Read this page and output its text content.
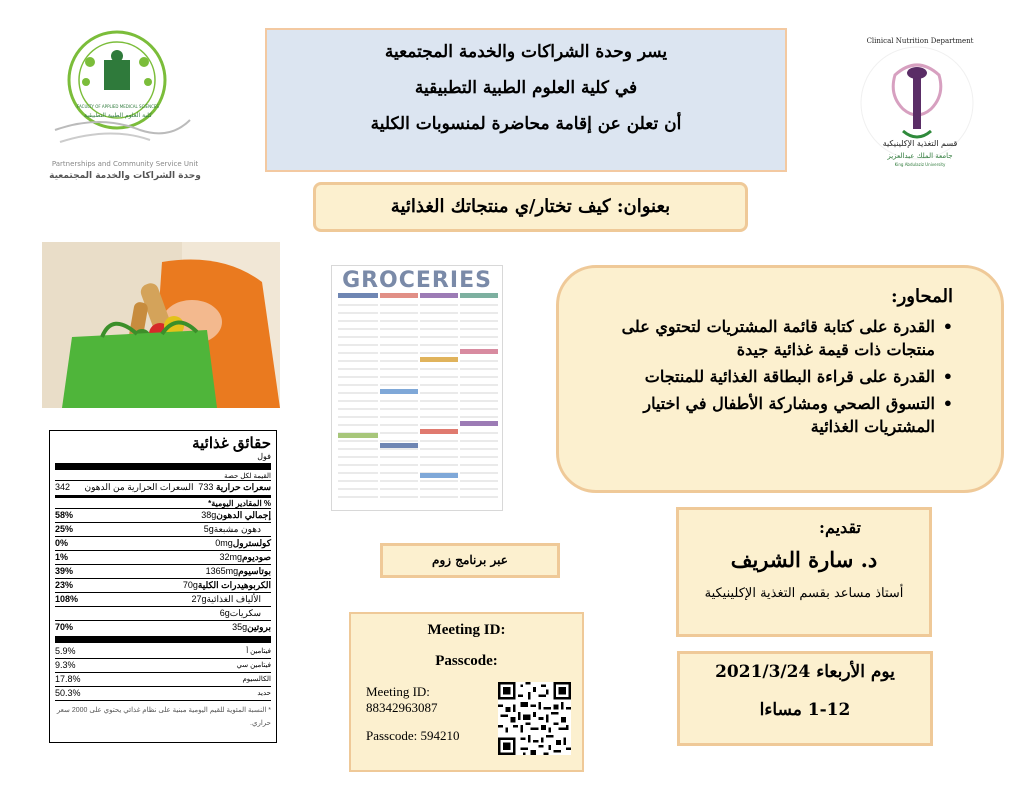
FACULTY OF APPLIED MEDICAL SCIENCES
كلية العلوم الطبية التطبيقية
Partnerships and Community Service Unit
وحدة الشراكات والخدمة المجتمعية
يسر وحدة الشراكات والخدمة المجتمعية
في كلية العلوم الطبية التطبيقية
أن تعلن عن إقامة محاضرة لمنسوبات الكلية
Clinical Nutrition Department
قسم التغذية الإكلينيكية
جامعة الملك عبدالعزيز
King Abdulaziz University
بعنوان: كيف تختار/ي منتجاتك الغذائية
GROCERIES
المحاور:
• القدرة على كتابة قائمة المشتريات لتحتوي على منتجات ذات قيمة غذائية جيدة
• القدرة على قراءة البطاقة الغذائية للمنتجات
• التسوق الصحي ومشاركة الأطفال في اختيار المشتريات الغذائية
حقائق غذائية
فول
القيمة لكل حصة
342 السعرات الحرارية من الدهون	سعرات حرارية 733
% المقادير اليومية*
58%	إجمالي الدهون38g
25%	دهون مشبعة5g
0%	كولسترول0mg
1%	صوديوم32mg
39%	بوتاسيوم1365mg
23%	الكربوهيدرات الكلية70g
108%	الألياف الغذائية27g
سكريات6g
70%	بروتين35g
5.9%	فيتامين أ
9.3%	فيتامين سي
17.8%	الكالسيوم
50.3%	حديد
* النسبة المئوية للقيم اليومية مبنية على نظام غذائي يحتوي على 2000 سعر حراري.
عبر برنامج زوم
تقديم:
د. سارة الشريف
أستاذ مساعد بقسم التغذية الإكلينيكية
Meeting ID:
Passcode:
Meeting ID:
88342963087
Passcode: 594210
يوم الأربعاء 2021/3/24
1-12 مساءا
